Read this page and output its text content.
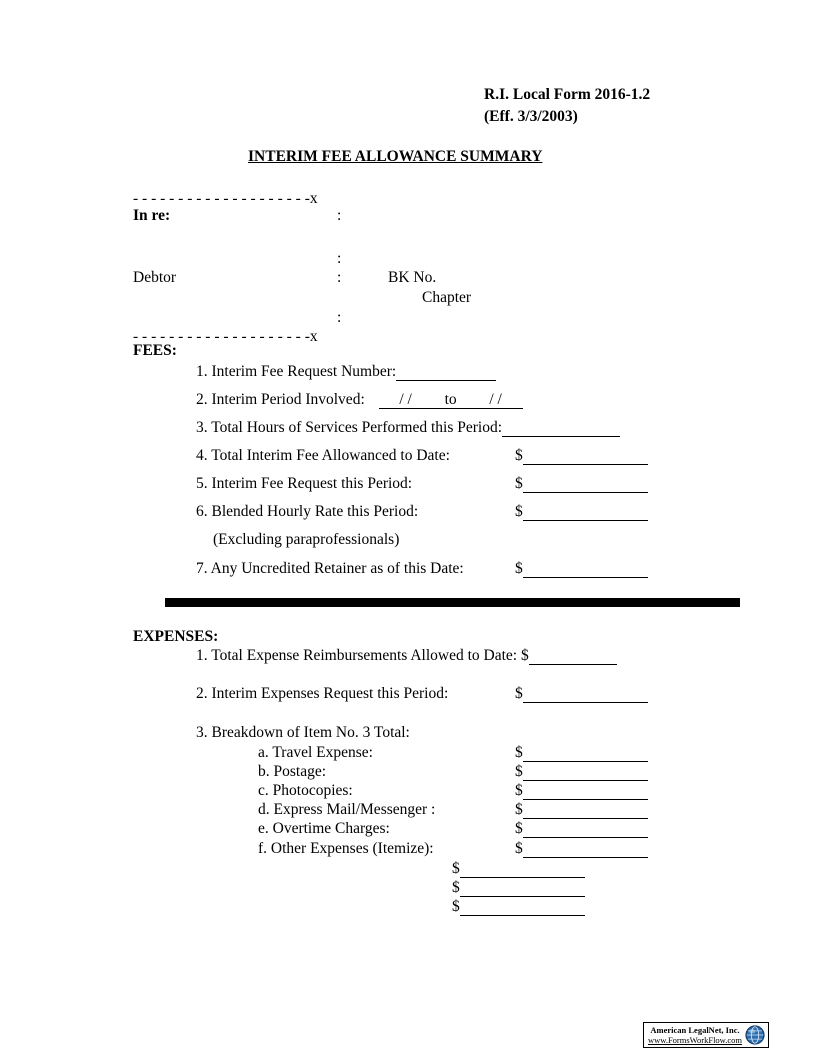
R.I. Local Form 2016-1.2
(Eff. 3/3/2003)
INTERIM FEE ALLOWANCE SUMMARY
- - - - - - - - - - - - - - - - - - - -x
In re:	:
:
Debtor	:	BK No.
Chapter
:
- - - - - - - - - - - - - - - - - - - -x
FEES:
1. Interim Fee Request Number:
2. Interim Period Involved: / / to / /
3. Total Hours of Services Performed this Period:
4. Total Interim Fee Allowanced to Date:	$
5. Interim Fee Request this Period:	$
6. Blended Hourly Rate this Period:	$
(Excluding paraprofessionals)
7. Any Uncredited Retainer as of this Date:	$
EXPENSES:
1. Total Expense Reimbursements Allowed to Date: $
2. Interim Expenses Request this Period:	$
3. Breakdown of Item No. 3 Total:
a. Travel Expense:	$
b. Postage:	$
c. Photocopies:	$
d. Express Mail/Messenger :	$
e. Overtime Charges:	$
f. Other Expenses (Itemize):	$
$
$
$
American LegalNet, Inc.
www.FormsWorkFlow.com
